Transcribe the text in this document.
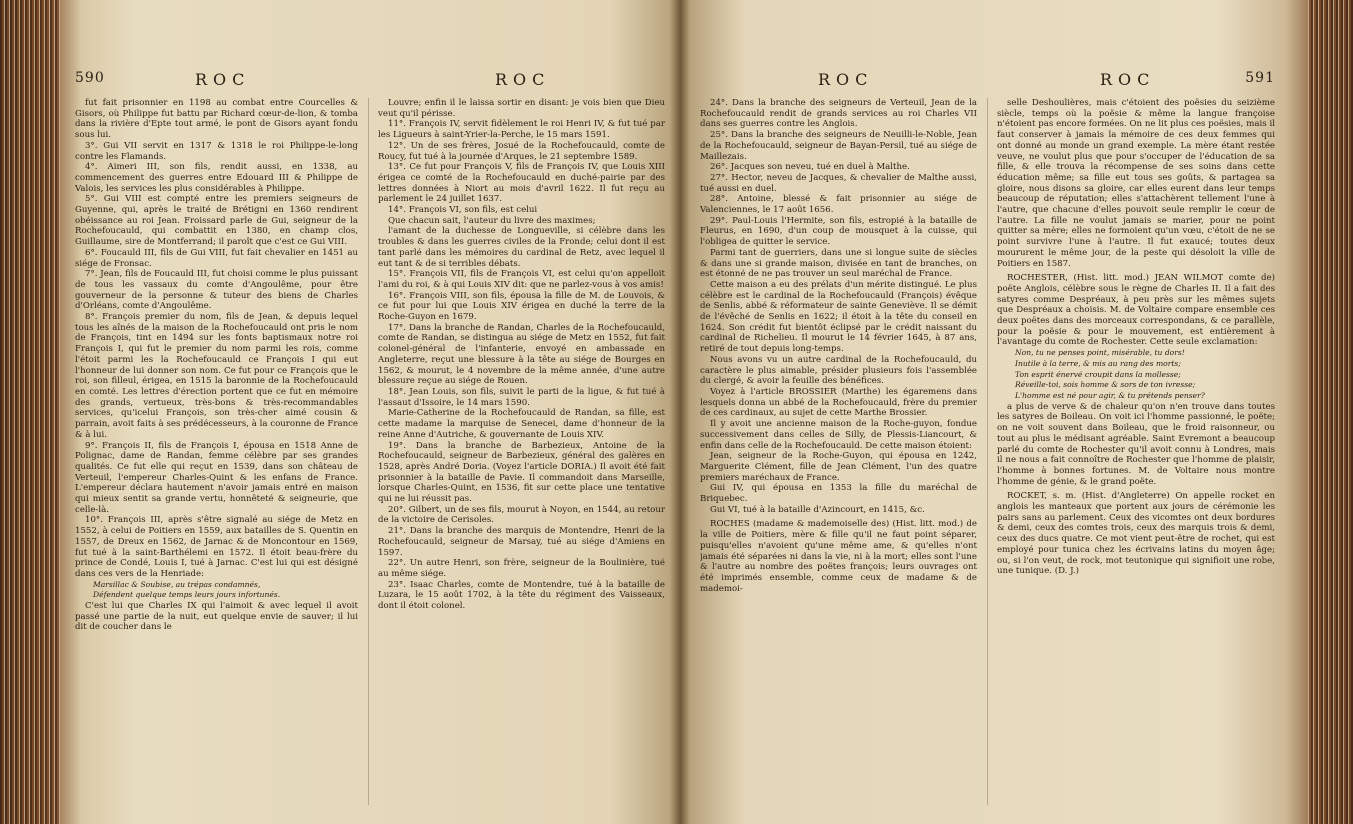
590	ROC	ROC

fut fait prisonnier en 1198 au combat entre Courcelles & Gisors, où Philippe fut battu par Richard cœur-de-lion, & tomba dans la rivière d'Epte tout armé, le pont de Gisors ayant fondu sous lui.

3°. Gui VII servit en 1317 & 1318 le roi Philippe-le-long contre les Flamands.

4°. Aimeri III, son fils, rendit aussi, en 1338, au commencement des guerres entre Edouard III & Philippe de Valois, les services les plus considérables à Philippe.

5°. Gui VIII est compté entre les premiers seigneurs de Guyenne, qui, après le traité de Brétigni en 1360 rendirent obéissance au roi Jean. Froissard parle de Gui, seigneur de la Rochefoucauld, qui combattit en 1380, en champ clos, Guillaume, sire de Montferrand; il paroît que c'est ce Gui VIII.

6°. Foucauld III, fils de Gui VIII, fut fait chevalier en 1451 au siége de Fronsac.

7°. Jean, fils de Foucauld III, fut choisi comme le plus puissant de tous les vassaux du comte d'Angoulême, pour être gouverneur de la personne & tuteur des biens de Charles d'Orléans, comte d'Angoulême.

8°. François premier du nom, fils de Jean, & depuis lequel tous les aînés de la maison de la Rochefoucauld ont pris le nom de François, tint en 1494 sur les fonts baptismaux notre roi François I, qui fut le premier du nom parmi les rois, comme l'étoit parmi les la Rochefoucauld ce François I qui eut l'honneur de lui donner son nom. Ce fut pour ce François que le roi, son filleul, érigea, en 1515 la baronnie de la Rochefoucauld en comté. Les lettres d'érection portent que ce fut en mémoire des grands, vertueux, très-bons & très-recommandables services, qu'icelui François, son très-cher aimé cousin & parrain, avoit faits à ses prédécesseurs, à la couronne de France & à lui.

9°. François II, fils de François I, épousa en 1518 Anne de Polignac, dame de Randan, femme célèbre par ses grandes qualités. Ce fut elle qui reçut en 1539, dans son château de Verteuil, l'empereur Charles-Quint & les enfans de France. L'empereur déclara hautement n'avoir jamais entré en maison qui mieux sentit sa grande vertu, honnêteté & seigneurie, que celle-là.

10°. François III, après s'être signalé au siége de Metz en 1552, à celui de Poitiers en 1559, aux batailles de S. Quentin en 1557, de Dreux en 1562, de Jarnac & de Moncontour en 1569, fut tué à la saint-Barthélemi en 1572. Il étoit beau-frère du prince de Condé, Louis I, tué à Jarnac. C'est lui qui est désigné dans ces vers de la Henriade:

Marsillac & Soubise, au trépas condamnés,

Défendent quelque temps leurs jours infortunés.

C'est lui que Charles IX qui l'aimoit & avec lequel il avoit passé une partie de la nuit, eut quelque envie de sauver; il lui dit de coucher dans le

Louvre; enfin il le laissa sortir en disant: je vois bien que Dieu veut qu'il périsse.

11°. François IV, servit fidèlement le roi Henri IV, & fut tué par les Ligueurs à saint-Yrier-la-Perche, le 15 mars 1591.

12°. Un de ses frères, Josué de la Rochefoucauld, comte de Roucy, fut tué à la journée d'Arques, le 21 septembre 1589.

13°. Ce fut pour François V, fils de François IV, que Louis XIII érigea ce comté de la Rochefoucauld en duché-pairie par des lettres données à Niort au mois d'avril 1622. Il fut reçu au parlement le 24 juillet 1637.

14°. François VI, son fils, est celui

Que chacun sait, l'auteur du livre des maximes;

l'amant de la duchesse de Longueville, si célèbre dans les troubles & dans les guerres civiles de la Fronde; celui dont il est tant parlé dans les mémoires du cardinal de Retz, avec lequel il eut tant & de si terribles débats.

15°. François VII, fils de François VI, est celui qu'on appelloit l'ami du roi, & à qui Louis XIV dit: que ne parlez-vous à vos amis!

16°. François VIII, son fils, épousa la fille de M. de Louvois, & ce fut pour lui que Louis XIV érigea en duché la terre de la Roche-Guyon en 1679.

17°. Dans la branche de Randan, Charles de la Rochefoucauld, comte de Randan, se distingua au siége de Metz en 1552, fut fait colonel-général de l'infanterie, envoyé en ambassade en Angleterre, reçut une blessure à la tête au siége de Bourges en 1562, & mourut, le 4 novembre de la même année, d'une autre blessure reçue au siége de Rouen.

18°. Jean Louis, son fils, suivit le parti de la ligue, & fut tué à l'assaut d'Issoire, le 14 mars 1590.

Marie-Catherine de la Rochefoucauld de Randan, sa fille, est cette madame la marquise de Senecei, dame d'honneur de la reine Anne d'Autriche, & gouvernante de Louis XIV.

19°. Dans la branche de Barbezieux, Antoine de la Rochefoucauld, seigneur de Barbezieux, général des galères en 1528, après André Doria. (Voyez l'article DORIA.) Il avoit été fait prisonnier à la bataille de Pavie. Il commandoit dans Marseille, lorsque Charles-Quint, en 1536, fit sur cette place une tentative qui ne lui réussit pas.

20°. Gilbert, un de ses fils, mourut à Noyon, en 1544, au retour de la victoire de Cerisoles.

21°. Dans la branche des marquis de Montendre, Henri de la Rochefoucauld, seigneur de Marsay, tué au siége d'Amiens en 1597.

22°. Un autre Henri, son frère, seigneur de la Boulinière, tué au même siége.

23°. Isaac Charles, comte de Montendre, tué à la bataille de Luzara, le 15 août 1702, à la tête du régiment des Vaisseaux, dont il étoit colonel.

ROC	ROC	591

24°. Dans la branche des seigneurs de Verteuil, Jean de la Rochefoucauld rendit de grands services au roi Charles VII dans ses guerres contre les Anglois.

25°. Dans la branche des seigneurs de Neuilli-le-Noble, Jean de la Rochefoucauld, seigneur de Bayan-Persil, tué au siége de Maillezais.

26°. Jacques son neveu, tué en duel à Malthe.

27°. Hector, neveu de Jacques, & chevalier de Malthe aussi, tué aussi en duel.

28°. Antoine, blessé & fait prisonnier au siége de Valenciennes, le 17 août 1656.

29°. Paul-Louis l'Hermite, son fils, estropié à la bataille de Fleurus, en 1690, d'un coup de mousquet à la cuisse, qui l'obligea de quitter le service.

Parmi tant de guerriers, dans une si longue suite de siècles & dans une si grande maison, divisée en tant de branches, on est étonné de ne pas trouver un seul maréchal de France.

Cette maison a eu des prélats d'un mérite distingué. Le plus célèbre est le cardinal de la Rochefoucauld (François) évêque de Senlis, abbé & réformateur de sainte Geneviève. Il se démit de l'évêché de Senlis en 1622; il étoit à la tête du conseil en 1624. Son crédit fut bientôt éclipsé par le crédit naissant du cardinal de Richelieu. Il mourut le 14 février 1645, à 87 ans, retiré de tout depuis long-temps.

Nous avons vu un autre cardinal de la Rochefoucauld, du caractère le plus aimable, présider plusieurs fois l'assemblée du clergé, & avoir la feuille des bénéfices.

Voyez à l'article BROSSIER (Marthe) les égaremens dans lesquels donna un abbé de la Rochefoucauld, frère du premier de ces cardinaux, au sujet de cette Marthe Brossier.

Il y avoit une ancienne maison de la Roche-guyon, fondue successivement dans celles de Silly, de Plessis-Liancourt, & enfin dans celle de la Rochefoucauld. De cette maison étoient:

Jean, seigneur de la Roche-Guyon, qui épousa en 1242, Marguerite Clément, fille de Jean Clément, l'un des quatre premiers maréchaux de France.

Gui IV, qui épousa en 1353 la fille du maréchal de Briquebec.

Gui VI, tué à la bataille d'Azincourt, en 1415, &c.

ROCHES (madame & mademoiselle des) (Hist. litt. mod.) de la ville de Poitiers, mère & fille qu'il ne faut point séparer, puisqu'elles n'avoient qu'une même ame, & qu'elles n'ont jamais été séparées ni dans la vie, ni à la mort; elles sont l'une & l'autre au nombre des poëtes françois; leurs ouvrages ont été imprimés ensemble, comme ceux de madame & de mademoi-

selle Deshoulières, mais c'étoient des poësies du seizième siècle, temps où la poësie & même la langue françoise n'étoient pas encore formées. On ne lit plus ces poësies, mais il faut conserver à jamais la mémoire de ces deux femmes qui ont donné au monde un grand exemple. La mère étant restée veuve, ne voulut plus que pour s'occuper de l'éducation de sa fille, & elle trouva la récompense de ses soins dans cette éducation même; sa fille eut tous ses goûts, & partagea sa gloire, nous disons sa gloire, car elles eurent dans leur temps beaucoup de réputation; elles s'attachèrent tellement l'une à l'autre, que chacune d'elles pouvoit seule remplir le cœur de l'autre. La fille ne voulut jamais se marier, pour ne point quitter sa mère; elles ne formoient qu'un vœu, c'étoit de ne se point survivre l'une à l'autre. Il fut exaucé; toutes deux moururent le même jour, de la peste qui désoloit la ville de Poitiers en 1587.

ROCHESTER, (Hist. litt. mod.) JEAN WILMOT comte de) poëte Anglois, célèbre sous le règne de Charles II. Il a fait des satyres comme Despréaux, à peu près sur les mêmes sujets que Despréaux a choisis. M. de Voltaire compare ensemble ces deux poëtes dans des morceaux correspondans, & ce parallèle, pour la poësie & pour le mouvement, est entièrement à l'avantage du comte de Rochester. Cette seule exclamation:

Non, tu ne penses point, misérable, tu dors!

Inutile à la terre, & mis au rang des morts;

Ton esprit énervé croupit dans la mollesse;

Réveille-toi, sois homme & sors de ton ivresse;

L'homme est né pour agir, & tu prétends penser?

a plus de verve & de chaleur qu'on n'en trouve dans toutes les satyres de Boileau. On voit ici l'homme passionné, le poëte; on ne voit souvent dans Boileau, que le froid raisonneur, ou tout au plus le médisant agréable. Saint Evremont a beaucoup parlé du comte de Rochester qu'il avoit connu à Londres, mais il ne nous a fait connoître de Rochester que l'homme de plaisir, l'homme à bonnes fortunes. M. de Voltaire nous montre l'homme de génie, & le grand poëte.

ROCKET, s. m. (Hist. d'Angleterre) On appelle rocket en anglois les manteaux que portent aux jours de cérémonie les pairs sans au parlement. Ceux des vicomtes ont deux bordures & demi, ceux des comtes trois, ceux des marquis trois & demi, ceux des ducs quatre. Ce mot vient peut-être de rochet, qui est employé pour tunica chez les écrivains latins du moyen âge; ou, si l'on veut, de rock, mot teutonique qui signifioit une robe, une tunique. (D. J.)
